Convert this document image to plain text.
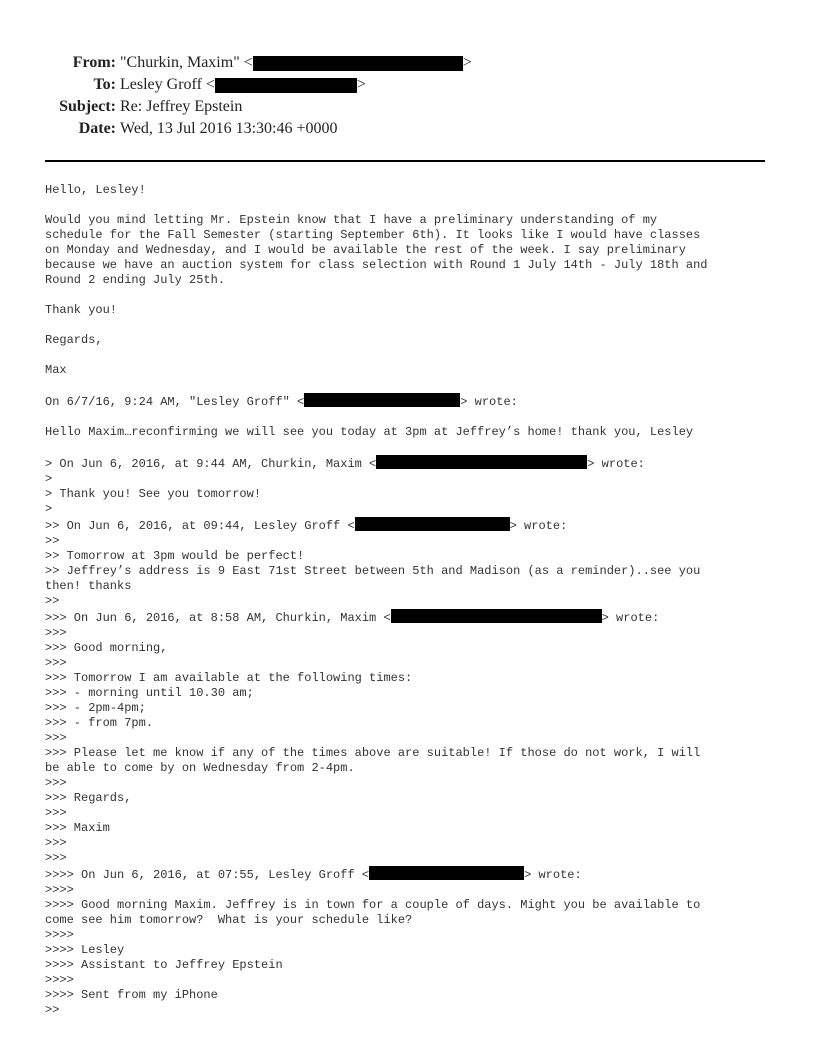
From: "Churkin, Maxim" <	>
To: Lesley Groff <	>
Subject: Re: Jeffrey Epstein
Date: Wed, 13 Jul 2016 13:30:46 +0000
Hello, Lesley!
Would you mind letting Mr. Epstein know that I have a preliminary understanding of my
schedule for the Fall Semester (starting September 6th). It looks like I would have classes
on Monday and Wednesday, and I would be available the rest of the week. I say preliminary
because we have an auction system for class selection with Round 1 July 14th - July 18th and
Round 2 ending July 25th.
Thank you!
Regards,
Max
On 6/7/16, 9:24 AM, "Lesley Groff" <	> wrote:
Hello Maxim…reconfirming we will see you today at 3pm at Jeffrey’s home! thank you, Lesley
> On Jun 6, 2016, at 9:44 AM, Churkin, Maxim <	> wrote:
>
> Thank you! See you tomorrow!
>
>> On Jun 6, 2016, at 09:44, Lesley Groff <	> wrote:
>>
>> Tomorrow at 3pm would be perfect!
>> Jeffrey’s address is 9 East 71st Street between 5th and Madison (as a reminder)..see you
then! thanks
>>
>>> On Jun 6, 2016, at 8:58 AM, Churkin, Maxim <	> wrote:
>>>
>>> Good morning,
>>>
>>> Tomorrow I am available at the following times:
>>> - morning until 10.30 am;
>>> - 2pm-4pm;
>>> - from 7pm.
>>>
>>> Please let me know if any of the times above are suitable! If those do not work, I will
be able to come by on Wednesday from 2-4pm.
>>>
>>> Regards,
>>>
>>> Maxim
>>>
>>>
>>>> On Jun 6, 2016, at 07:55, Lesley Groff <	> wrote:
>>>>
>>>> Good morning Maxim. Jeffrey is in town for a couple of days. Might you be available to
come see him tomorrow?  What is your schedule like?
>>>>
>>>> Lesley
>>>> Assistant to Jeffrey Epstein
>>>>
>>>> Sent from my iPhone
>>
